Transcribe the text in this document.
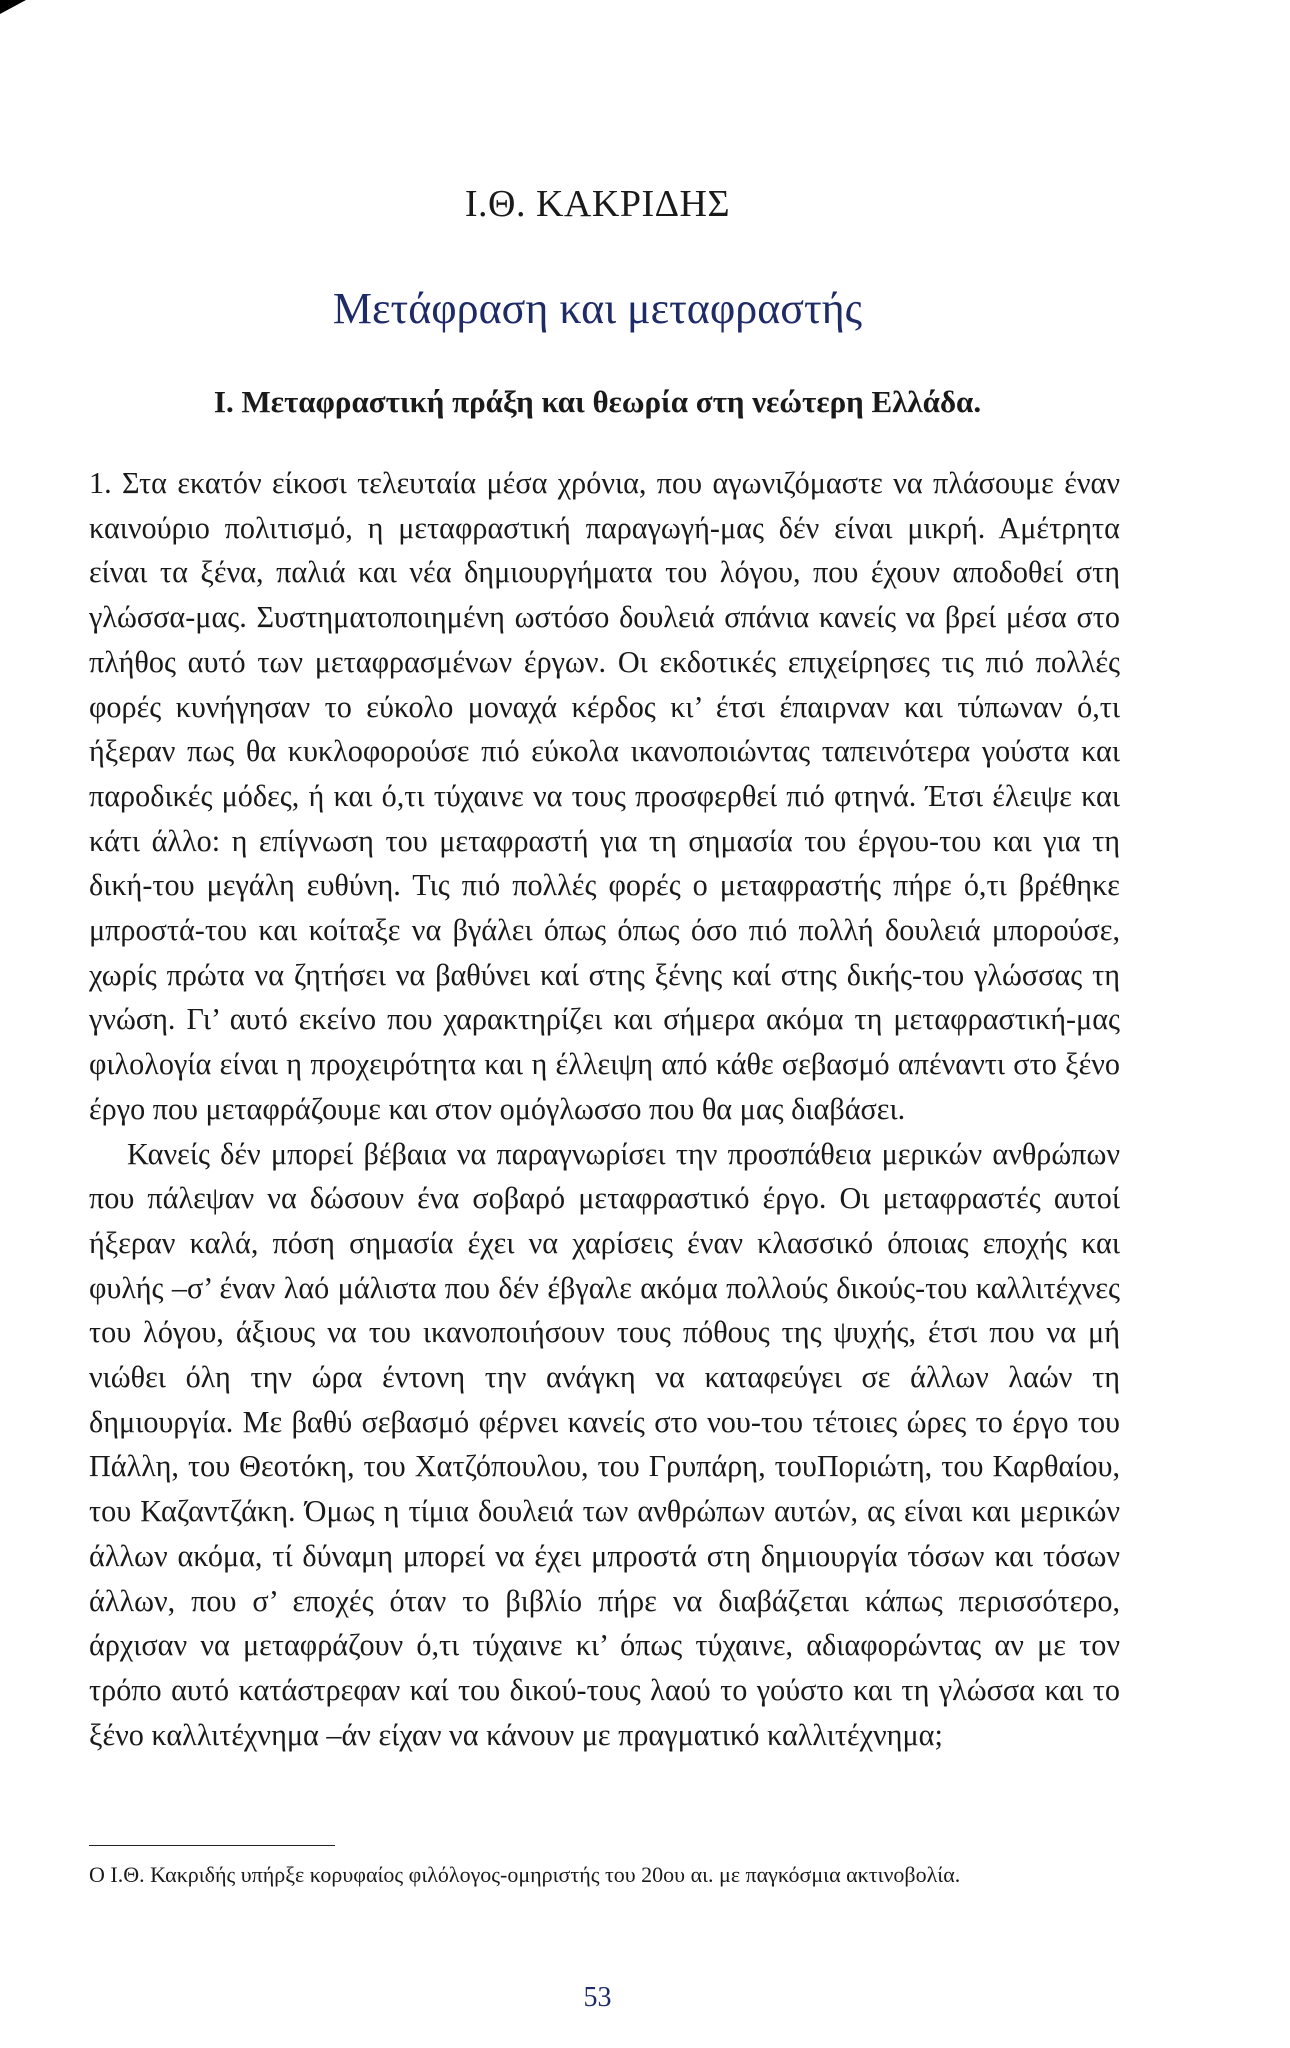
Ι.Θ. ΚΑΚΡΙΔΗΣ
Μετάφραση και μεταφραστής
Ι. Μεταφραστική πράξη και θεωρία στη νεώτερη Ελλάδα.

1. Στα εκατόν είκοσι τελευταία μέσα χρόνια, που αγωνιζόμαστε να πλάσουμε έναν καινούριο πολιτισμό, η μεταφραστική παραγωγή-μας δέν είναι μικρή. Αμέτρητα είναι τα ξένα, παλιά και νέα δημιουργήματα του λόγου, που έχουν αποδοθεί στη γλώσσα-μας. Συστηματοποιημένη ωστόσο δουλειά σπάνια κανείς να βρεί μέσα στο πλήθος αυτό των μεταφρασμένων έργων. Οι εκδοτικές επιχείρησες τις πιό πολλές φορές κυνήγησαν το εύκολο μοναχά κέρδος κι’ έτσι έπαιρναν και τύπωναν ό,τι ήξεραν πως θα κυκλοφορούσε πιό εύκολα ικανοποιώντας ταπεινότερα γούστα και παροδικές μόδες, ή και ό,τι τύχαινε να τους προσφερθεί πιό φτηνά. Έτσι έλειψε και κάτι άλλο: η επίγνωση του μεταφραστή για τη σημασία του έργου-του και για τη δική-του μεγάλη ευθύνη. Τις πιό πολλές φορές ο μεταφραστής πήρε ό,τι βρέθηκε μπροστά-του και κοίταξε να βγάλει όπως όπως όσο πιό πολλή δουλειά μπορούσε, χωρίς πρώτα να ζητήσει να βαθύνει καί στης ξένης καί στης δικής-του γλώσσας τη γνώση. Γι’ αυτό εκείνο που χαρακτηρίζει και σήμερα ακόμα τη μεταφραστική-μας φιλολογία είναι η προχειρότητα και η έλλειψη από κάθε σεβασμό απέναντι στο ξένο έργο που μεταφράζουμε και στον ομόγλωσσο που θα μας διαβάσει.

Κανείς δέν μπορεί βέβαια να παραγνωρίσει την προσπάθεια μερικών ανθρώπων που πάλεψαν να δώσουν ένα σοβαρό μεταφραστικό έργο. Οι μεταφραστές αυτοί ήξεραν καλά, πόση σημασία έχει να χαρίσεις έναν κλασσικό όποιας εποχής και φυλής –σ’ έναν λαό μάλιστα που δέν έβγαλε ακόμα πολλούς δικούς-του καλλιτέχνες του λόγου, άξιους να του ικανοποιήσουν τους πόθους της ψυχής, έτσι που να μή νιώθει όλη την ώρα έντονη την ανάγκη να καταφεύγει σε άλλων λαών τη δημιουργία. Με βαθύ σεβασμό φέρνει κανείς στο νου-του τέτοιες ώρες το έργο του Πάλλη, του Θεοτόκη, του Χατζόπουλου, του Γρυπάρη, τουΠοριώτη, του Καρθαίου, του Καζαντζάκη. Όμως η τίμια δουλειά των ανθρώπων αυτών, ας είναι και μερικών άλλων ακόμα, τί δύναμη μπορεί να έχει μπροστά στη δημιουργία τόσων και τόσων άλλων, που σ’ εποχές όταν το βιβλίο πήρε να διαβάζεται κάπως περισσότερο, άρχισαν να μεταφράζουν ό,τι τύχαινε κι’ όπως τύχαινε, αδιαφορώντας αν με τον τρόπο αυτό κατάστρεφαν καί του δικού-τους λαού το γούστο και τη γλώσσα και το ξένο καλλιτέχνημα –άν είχαν να κάνουν με πραγματικό καλλιτέχνημα;

Ο Ι.Θ. Κακριδής υπήρξε κορυφαίος φιλόλογος-ομηριστής του 20ου αι. με παγκόσμια ακτινοβολία.
53
